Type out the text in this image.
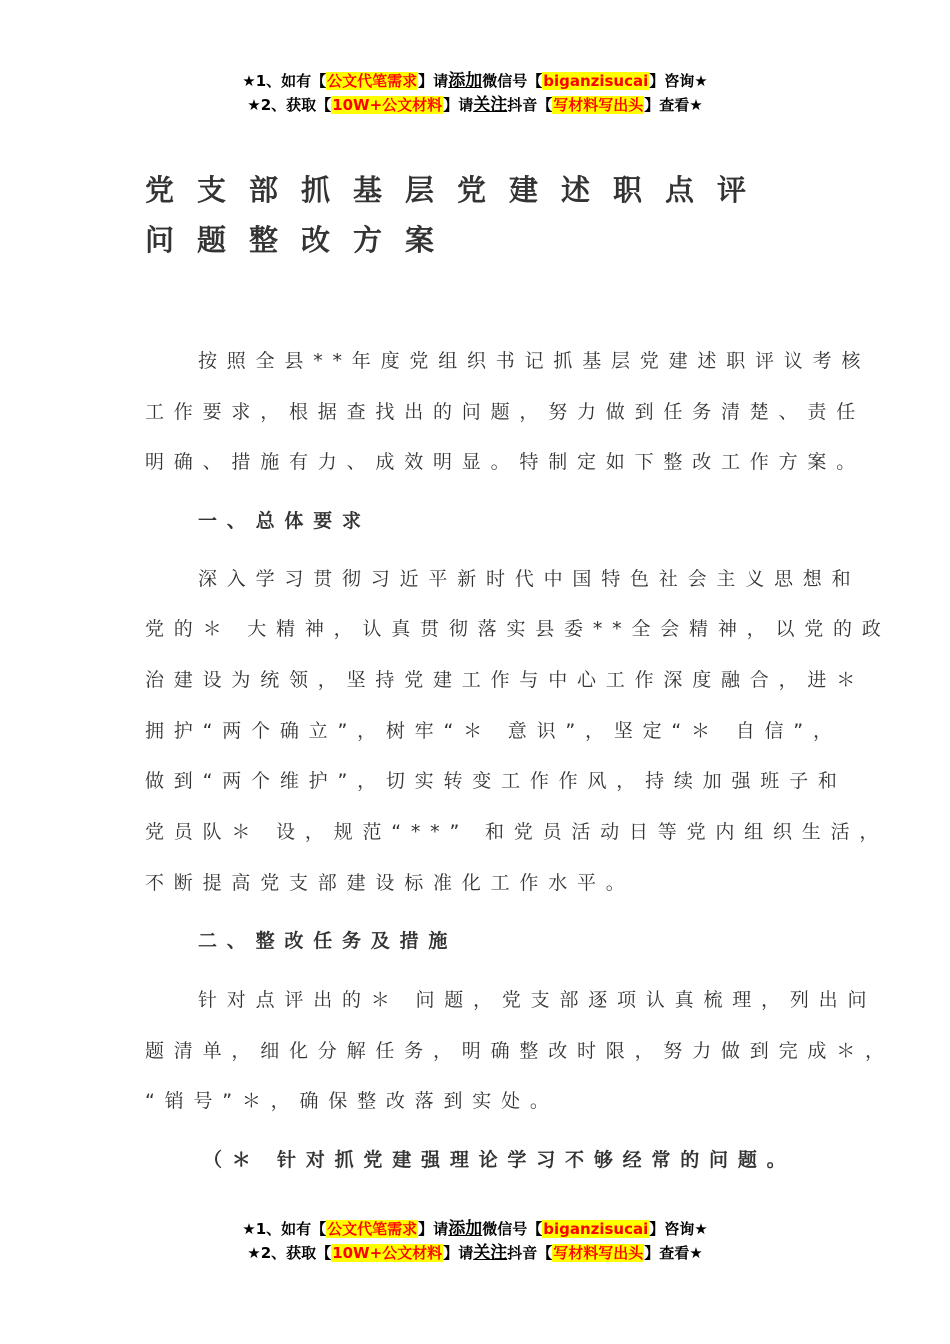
★1、如有【公文代笔需求】请添加微信号【biganzisucai】咨询★
★2、获取【10W+公文材料】请关注抖音【写材料写出头】查看★
党支部抓基层党建述职点评
问题整改方案
按照全县**年度党组织书记抓基层党建述职评议考核
工作要求，根据查找出的问题，努力做到任务清楚、责任
明确、措施有力、成效明显。特制定如下整改工作方案。
一、总体要求
深入学习贯彻习近平新时代中国特色社会主义思想和
党的＊ 大精神，认真贯彻落实县委**全会精神，以党的政
治建设为统领，坚持党建工作与中心工作深度融合，进＊
拥护“两个确立”，树牢“＊ 意识”，坚定“＊ 自信”，
做到“两个维护”，切实转变工作作风，持续加强班子和
党员队＊ 设，规范“**” 和党员活动日等党内组织生活，
不断提高党支部建设标准化工作水平。
二、整改任务及措施
针对点评出的＊ 问题，党支部逐项认真梳理，列出问
题清单，细化分解任务，明确整改时限，努力做到完成＊，
“销号”＊，确保整改落到实处。
（＊ 针对抓党建强理论学习不够经常的问题。
★1、如有【公文代笔需求】请添加微信号【biganzisucai】咨询★
★2、获取【10W+公文材料】请关注抖音【写材料写出头】查看★
